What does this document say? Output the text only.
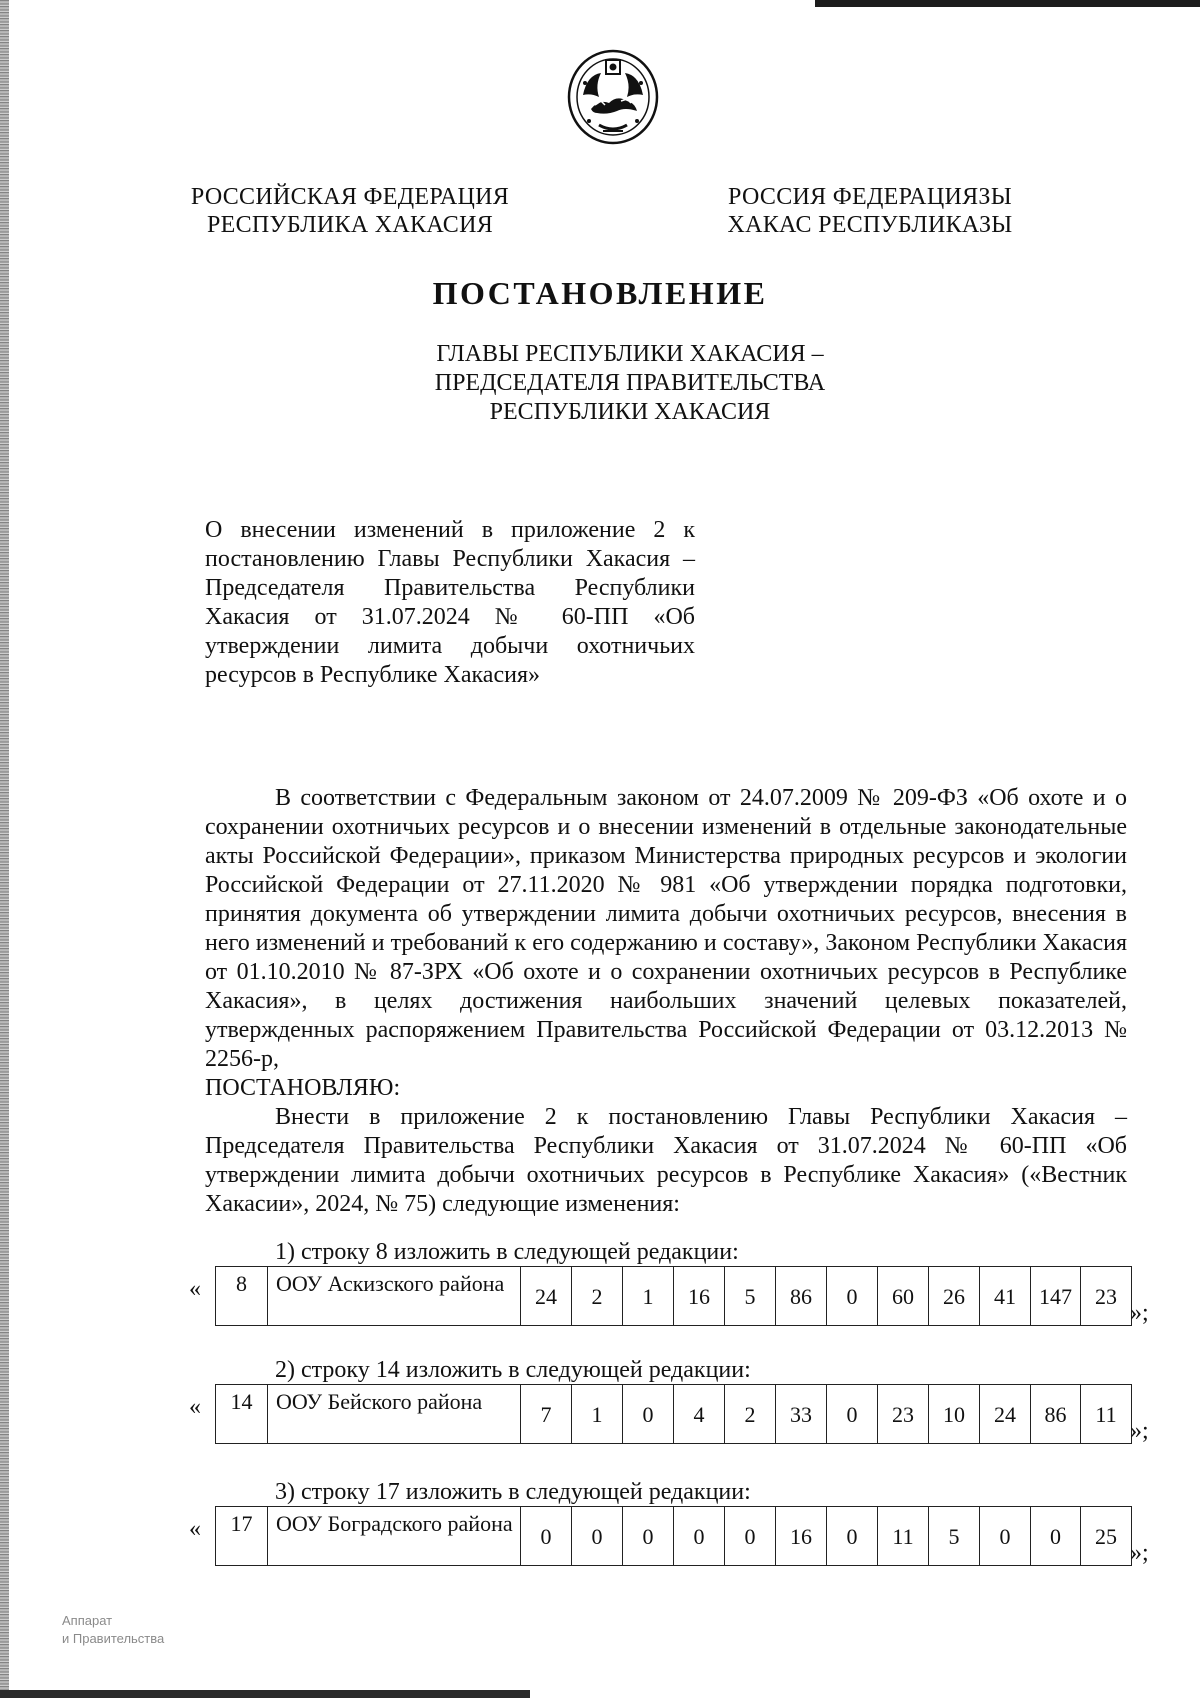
РОССИЙСКАЯ ФЕДЕРАЦИЯ
РЕСПУБЛИКА ХАКАСИЯ
РОССИЯ ФЕДЕРАЦИЯЗЫ
ХАКАС РЕСПУБЛИКАЗЫ
ПОСТАНОВЛЕНИЕ
ГЛАВЫ РЕСПУБЛИКИ ХАКАСИЯ –
ПРЕДСЕДАТЕЛЯ ПРАВИТЕЛЬСТВА
РЕСПУБЛИКИ ХАКАСИЯ
О внесении изменений в приложение 2 к постановлению Главы Республики Хакасия – Председателя Правительства Республики Хакасия от 31.07.2024 № 60-ПП «Об утверждении лимита добычи охотничьих ресурсов в Республике Хакасия»

В соответствии с Федеральным законом от 24.07.2009 № 209-ФЗ «Об охоте и о сохранении охотничьих ресурсов и о внесении изменений в отдельные законодательные акты Российской Федерации», приказом Министерства природных ресурсов и экологии Российской Федерации от 27.11.2020 № 981 «Об утверждении порядка подготовки, принятия документа об утверждении лимита добычи охотничьих ресурсов, внесения в него изменений и требований к его содержанию и составу», Законом Республики Хакасия от 01.10.2010 № 87-ЗРХ «Об охоте и о сохранении охотничьих ресурсов в Республике Хакасия», в целях достижения наибольших значений целевых показателей, утвержденных распоряжением Правительства Российской Федерации от 03.12.2013 № 2256-р,

ПОСТАНОВЛЯЮ:

Внести в приложение 2 к постановлению Главы Республики Хакасия – Председателя Правительства Республики Хакасия от 31.07.2024 № 60-ПП «Об утверждении лимита добычи охотничьих ресурсов в Республике Хакасия» («Вестник Хакасии», 2024, № 75) следующие изменения:

1) строку 8 изложить в следующей редакции:
« 8	ООУ Аскизского района	24	2	1	16	5	86	0	60	26	41	147	23
»;
2) строку 14 изложить в следующей редакции:
« 14	ООУ Бейского района	7	1	0	4	2	33	0	23	10	24	86	11
»;
3) строку 17 изложить в следующей редакции:
« 17	ООУ Боградского района	0	0	0	0	0	16	0	11	5	0	0	25
»;
Аппарат
и Правительства
